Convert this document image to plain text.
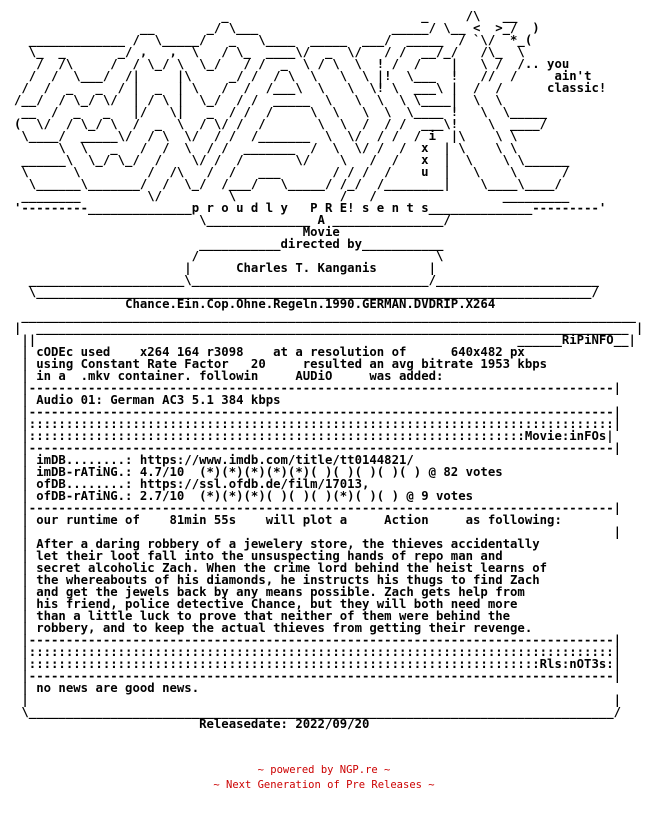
_                          _     /\   __
__       _/ \___                  _____/ \__ <  >_/  )
_____________ /  \_____/   _   \____  _____  ___/  _____  / `\/  *_(
\_  _       _/ ,   ,  \   / \_  ____\/  _  \/   / /  __/_/   /\_  \
/  /\     /  / \_/ \  \_/   / /  _  \ / \  \  ! /  /    |   \ /  /.. you
/  /  \___/  /|     |\     _/ /  / \  \   \  \ |!  \___  !   //  /     ain't
/  /  _   _  / |  _  | \   /  /  /___\  \   \  \! \  ___\ |  /  /      classic!
/__/  / \_/ \/  | / \ |  \_/  / /  _____  \   \  \  \ \____|  \  \
__  /  _   _   |/   \|   _  / /  /     \  \   \  \  \____ !   \  \_____
(  \/  / \_/ \  /  _  \  / \/ /  /       \  \  /  / /  ___\!    \  ____/
\____/  _____\/  / \  \/  / /  /_______  \  \/  / /  / i  |\    \ \
\  \   _   /  /  \  / /  _______  /  \  \/ /  /  x  | \    \ \
______\  \_/ \_/  /    \/ /  /       \/    \   /  /   x  |  \    \ \______
\      \         /  /\   /  /   ___       / / /  /    u  |   \    \      /
\______\_______/  /  \_/  /___/   \_____/ /_/  /________|    \____\____/
________         \/         \              /   /                 _________
'---------______________p r o u d l y   P R E! s e n t s______________---------'
\______________ A _______________/
Movie
___________directed by___________
/                                \
|	Charles T. Kanganis	|
_____________________\________________________________/______________________
\___________________________________________________________________________/
Chance.Ein.Cop.Ohne.Regeln.1990.GERMAN.DVDRIP.X264
___________________________________________________________________________________
|  ________________________________________________________________________________ |
||                                                                 ______RiPiNFO__|
| cODEc used    x264 164 r3098    at a resolution of      640x482 px
| using Constant Rate Factor   20     resulted an avg bitrate 1953 kbps
| in a  .mkv container. followin     AUDiO     was added:
|-------------------------------------------------------------------------------|
| Audio 01: German AC3 5.1 384 kbps
|-------------------------------------------------------------------------------|
|:::::::::::::::::::::::::::::::::::::::::::::::::::::::::::::::::::::::::::::::|
|:::::::::::::::::::::::::::::::::::::::::::::::::::::::::::::::::::Movie:inFOs|
|-------------------------------------------------------------------------------|
| imDB........: https://www.imdb.com/title/tt0144821/
| imDB-rATiNG.: 4.7/10  (*)(*)(*)(*)(*)( )( )( )( )( ) @ 82 votes
| ofDB........: https://ssl.ofdb.de/film/17013,
| ofDB-rATiNG.: 2.7/10  (*)(*)(*)( )( )( )(*)( )( ) @ 9 votes
|-------------------------------------------------------------------------------|
| our runtime of    81min 55s    will plot a     Action     as following:
|                                                                               |
| After a daring robbery of a jewelery store, the thieves accidentally
| let their loot fall into the unsuspecting hands of repo man and
| secret alcoholic Zach. When the crime lord behind the heist learns of
| the whereabouts of his diamonds, he instructs his thugs to find Zach
| and get the jewels back by any means possible. Zach gets help from
| his friend, police detective Chance, but they will both need more
| than a little luck to prove that neither of them were behind the
| robbery, and to keep the actual thieves from getting their revenge.
|-------------------------------------------------------------------------------|
|:::::::::::::::::::::::::::::::::::::::::::::::::::::::::::::::::::::::::::::::|
|:::::::::::::::::::::::::::::::::::::::::::::::::::::::::::::::::::::Rls:nOT3s:|
|-------------------------------------------------------------------------------|
| no news are good news.
|                                                                               |
\_______________________________________________________________________________/
Releasedate: 2022/09/20
~ powered by NGP.re ~
~ Next Generation of Pre Releases ~
